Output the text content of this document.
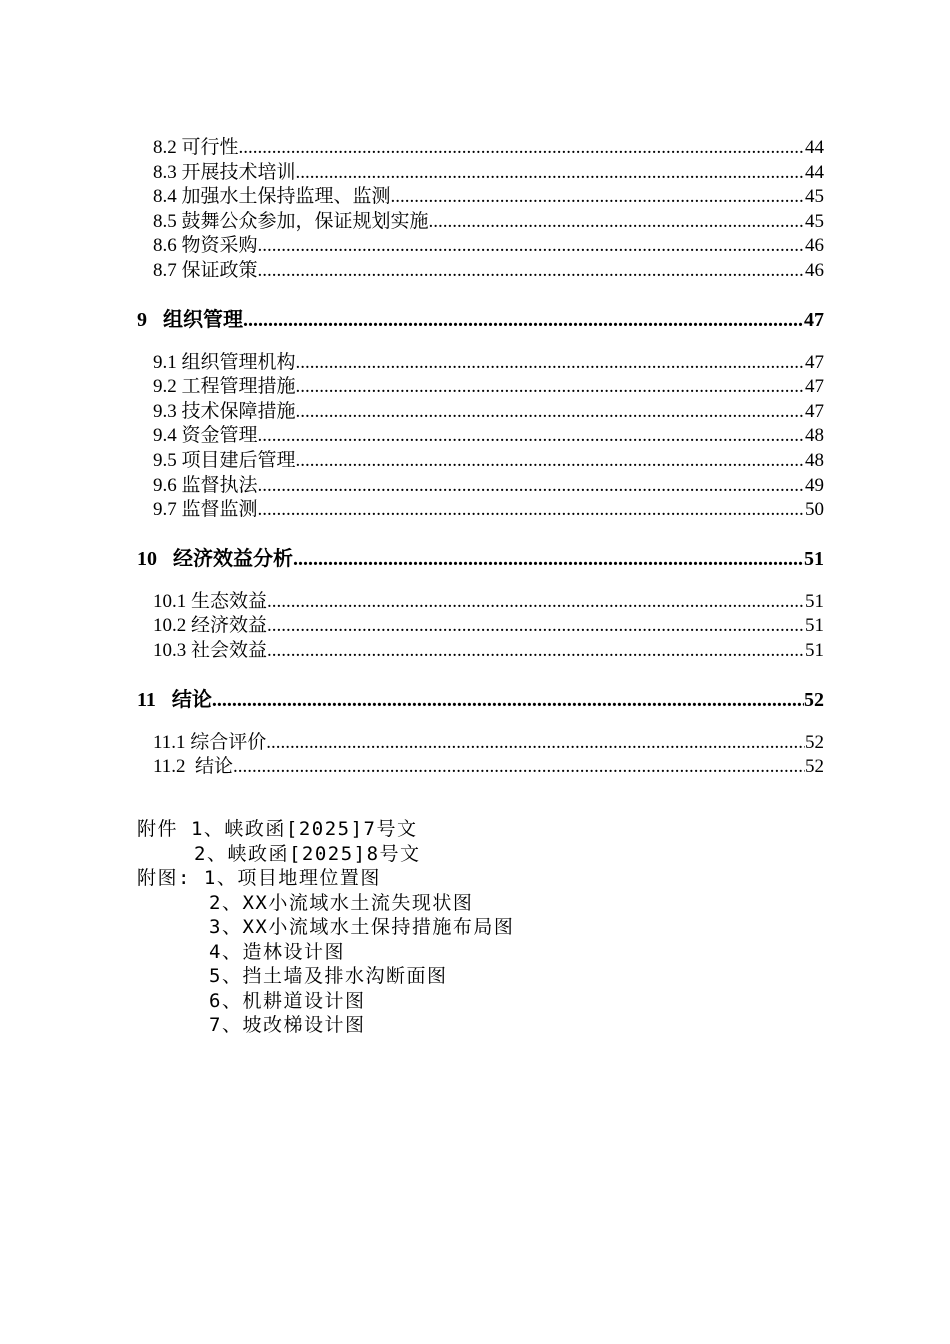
8.2 可行性 .....	44
8.3 开展技术培训 .....	44
8.4 加强水土保持监理、监测 .....	45
8.5 鼓舞公众参加，保证规划实施 .....	45
8.6 物资采购 .....	46
8.7 保证政策 .....	46
9 组织管理 .....	47
9.1 组织管理机构 .....	47
9.2 工程管理措施 .....	47
9.3 技术保障措施 .....	47
9.4 资金管理 .....	48
9.5 项目建后管理 .....	48
9.6 监督执法 .....	49
9.7 监督监测 .....	50
10 经济效益分析 .....	51
10.1 生态效益 .....	51
10.2 经济效益 .....	51
10.3 社会效益 .....	51
11 结论 .....	52
11.1 综合评价 .....	52
11.2  结论 .....	52
附件 1、峡政函[2025]7号文
2、峡政函[2025]8号文
附图: 1、项目地理位置图
2、XX小流域水土流失现状图
3、XX小流域水土保持措施布局图
4、造林设计图
5、挡土墙及排水沟断面图
6、机耕道设计图
7、坡改梯设计图
